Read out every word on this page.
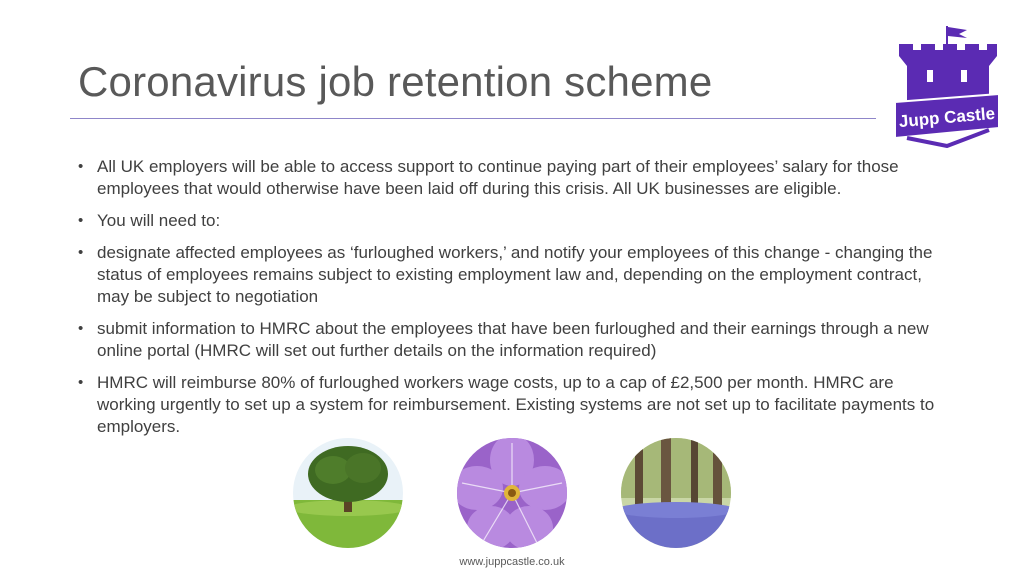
Coronavirus job retention scheme
Jupp Castle
• All UK employers will be able to access support to continue paying part of their employees’ salary for those employees that would otherwise have been laid off during this crisis. All UK businesses are eligible.
• You will need to:
• designate affected employees as ‘furloughed workers,’ and notify your employees of this change - changing the status of employees remains subject to existing employment law and, depending on the employment contract, may be subject to negotiation
• submit information to HMRC about the employees that have been furloughed and their earnings through a new online portal (HMRC will set out further details on the information required)
• HMRC will reimburse 80% of furloughed workers wage costs, up to a cap of £2,500 per month. HMRC are working urgently to set up a system for reimbursement. Existing systems are not set up to facilitate payments to employers.
www.juppcastle.co.uk
